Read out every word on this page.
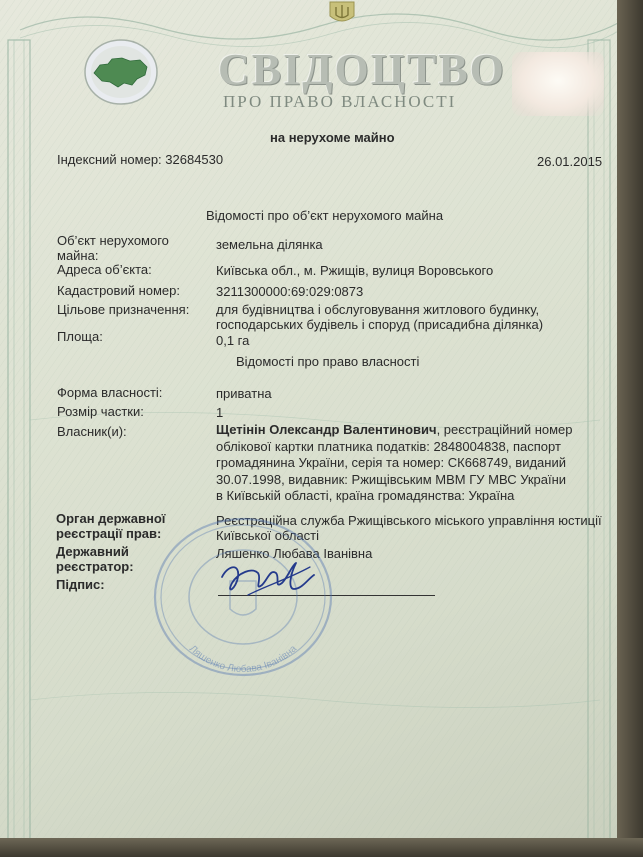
СВІДОЦТВО
ПРО ПРАВО ВЛАСНОСТІ
на нерухоме майно
Індексний номер: 32684530	26.01.2015
Відомості про об’єкт нерухомого майна
Об’єкт нерухомого майна:
земельна ділянка
Адреса об’єкта:	Київська обл., м. Ржищів, вулиця Воровського
Кадастровий номер:	3211300000:69:029:0873
Цільове призначення: для будівництва і обслуговування житлового будинку, господарських будівель і споруд (присадибна ділянка)
Площа:	0,1 га
Відомості про право власності
Форма власності:	приватна
Розмір частки:	1
Власник(и):	Щетінін Олександр Валентинович, реєстраційний номер облікової картки платника податків: 2848004838, паспорт громадянина України, серія та номер: СК668749, виданий 30.07.1998, видавник: Ржищівським МВМ ГУ МВС України в Київській області, країна громадянства: Україна
Орган державної реєстрації прав:
Реєстраційна служба Ржищівського міського управління юстиції Київської області
Державний реєстратор:
Ляшенко Любава Іванівна
Підпис:
Ляшенко Любава Іванівна
